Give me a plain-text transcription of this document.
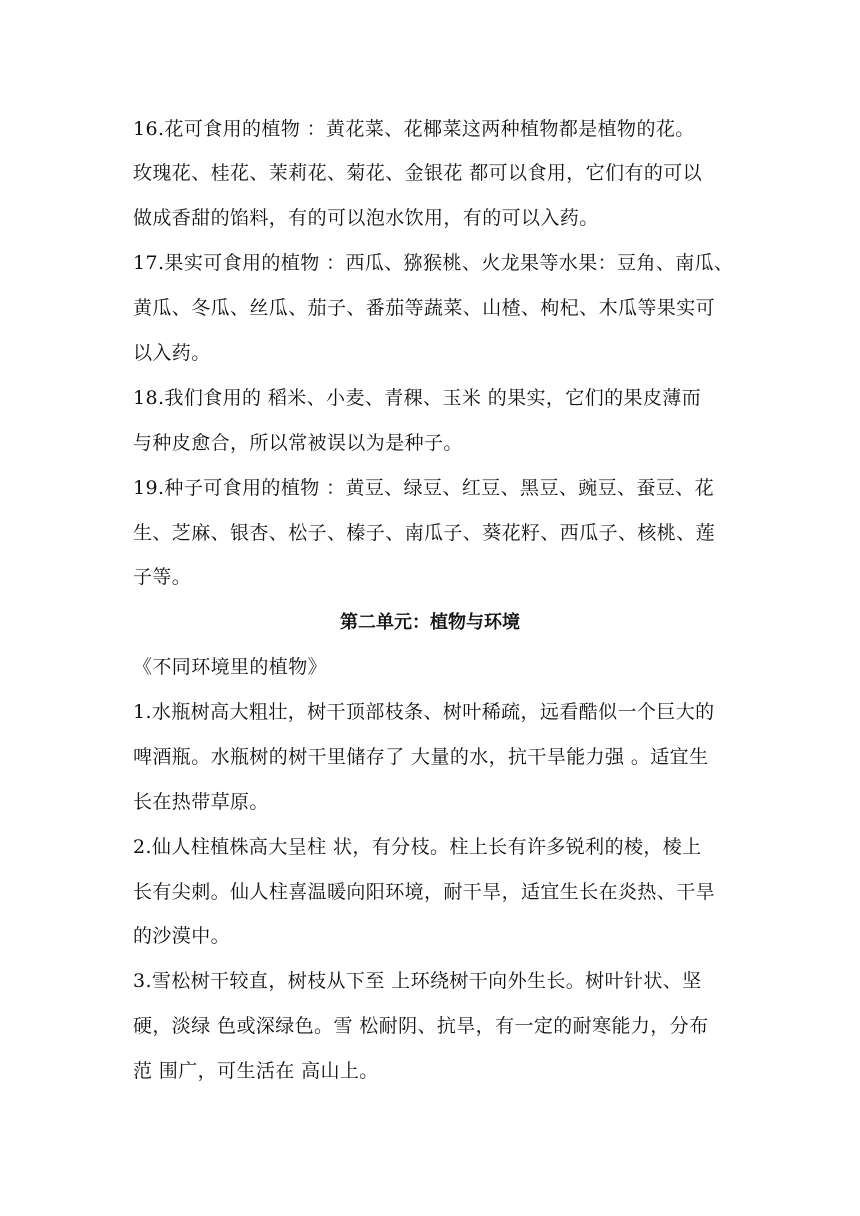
16.花可食用的植物 ：黄花菜、花椰菜这两种植物都是植物的花。
玫瑰花、桂花、茉莉花、菊花、金银花 都可以食用，它们有的可以
做成香甜的馅料，有的可以泡水饮用，有的可以入药。
17.果实可食用的植物 ：西瓜、猕猴桃、火龙果等水果：豆角、南瓜、
黄瓜、冬瓜、丝瓜、茄子、番茄等蔬菜、山楂、枸杞、木瓜等果实可
以入药。
18.我们食用的 稻米、小麦、青稞、玉米 的果实，它们的果皮薄而
与种皮愈合，所以常被误以为是种子。
19.种子可食用的植物 ：黄豆、绿豆、红豆、黑豆、豌豆、蚕豆、花
生、芝麻、银杏、松子、榛子、南瓜子、葵花籽、西瓜子、核桃、莲
子等。
第二单元：植物与环境
《不同环境里的植物》
1.水瓶树高大粗壮，树干顶部枝条、树叶稀疏，远看酷似一个巨大的
啤酒瓶。水瓶树的树干里储存了 大量的水，抗干旱能力强 。适宜生
长在热带草原。
2.仙人柱植株高大呈柱 状，有分枝。柱上长有许多锐利的棱，棱上
长有尖刺。仙人柱喜温暖向阳环境，耐干旱，适宜生长在炎热、干旱
的沙漠中。
3.雪松树干较直，树枝从下至 上环绕树干向外生长。树叶针状、坚
硬，淡绿 色或深绿色。雪 松耐阴、抗旱，有一定的耐寒能力，分布
范 围广，可生活在 高山上。
